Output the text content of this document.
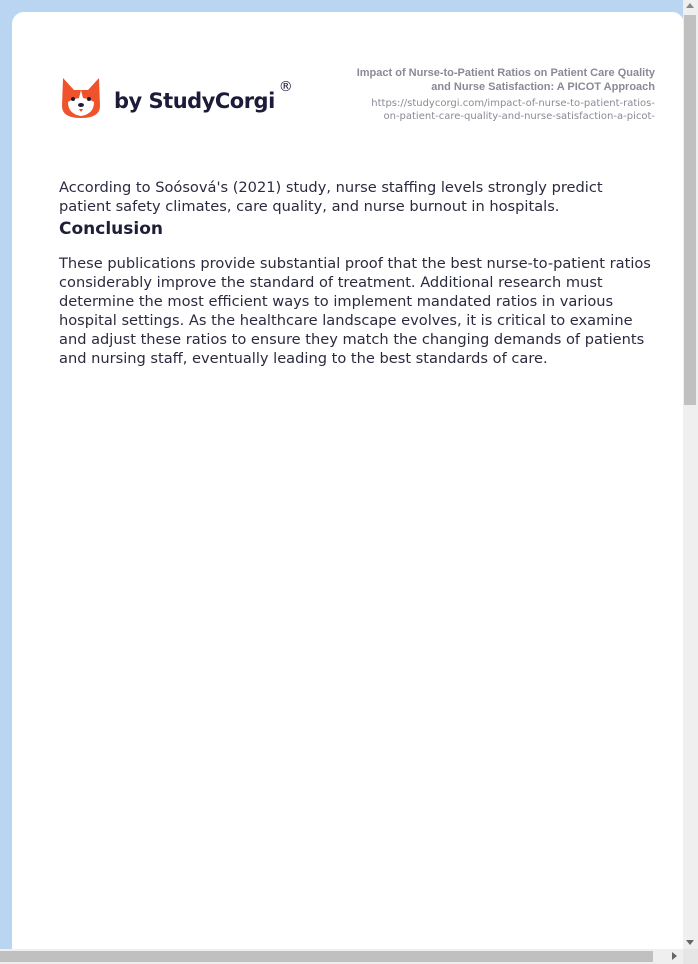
by StudyCorgi®
Impact of Nurse-to-Patient Ratios on Patient Care Quality
and Nurse Satisfaction: A PICOT Approach
https://studycorgi.com/impact-of-nurse-to-patient-ratios-
on-patient-care-quality-and-nurse-satisfaction-a-picot-

According to Soósová's (2021) study, nurse staffing levels strongly predict patient safety climates, care quality, and nurse burnout in hospitals.

Conclusion

These publications provide substantial proof that the best nurse-to-patient ratios considerably improve the standard of treatment. Additional research must determine the most efficient ways to implement mandated ratios in various hospital settings. As the healthcare landscape evolves, it is critical to examine and adjust these ratios to ensure they match the changing demands of patients and nursing staff, eventually leading to the best standards of care.
